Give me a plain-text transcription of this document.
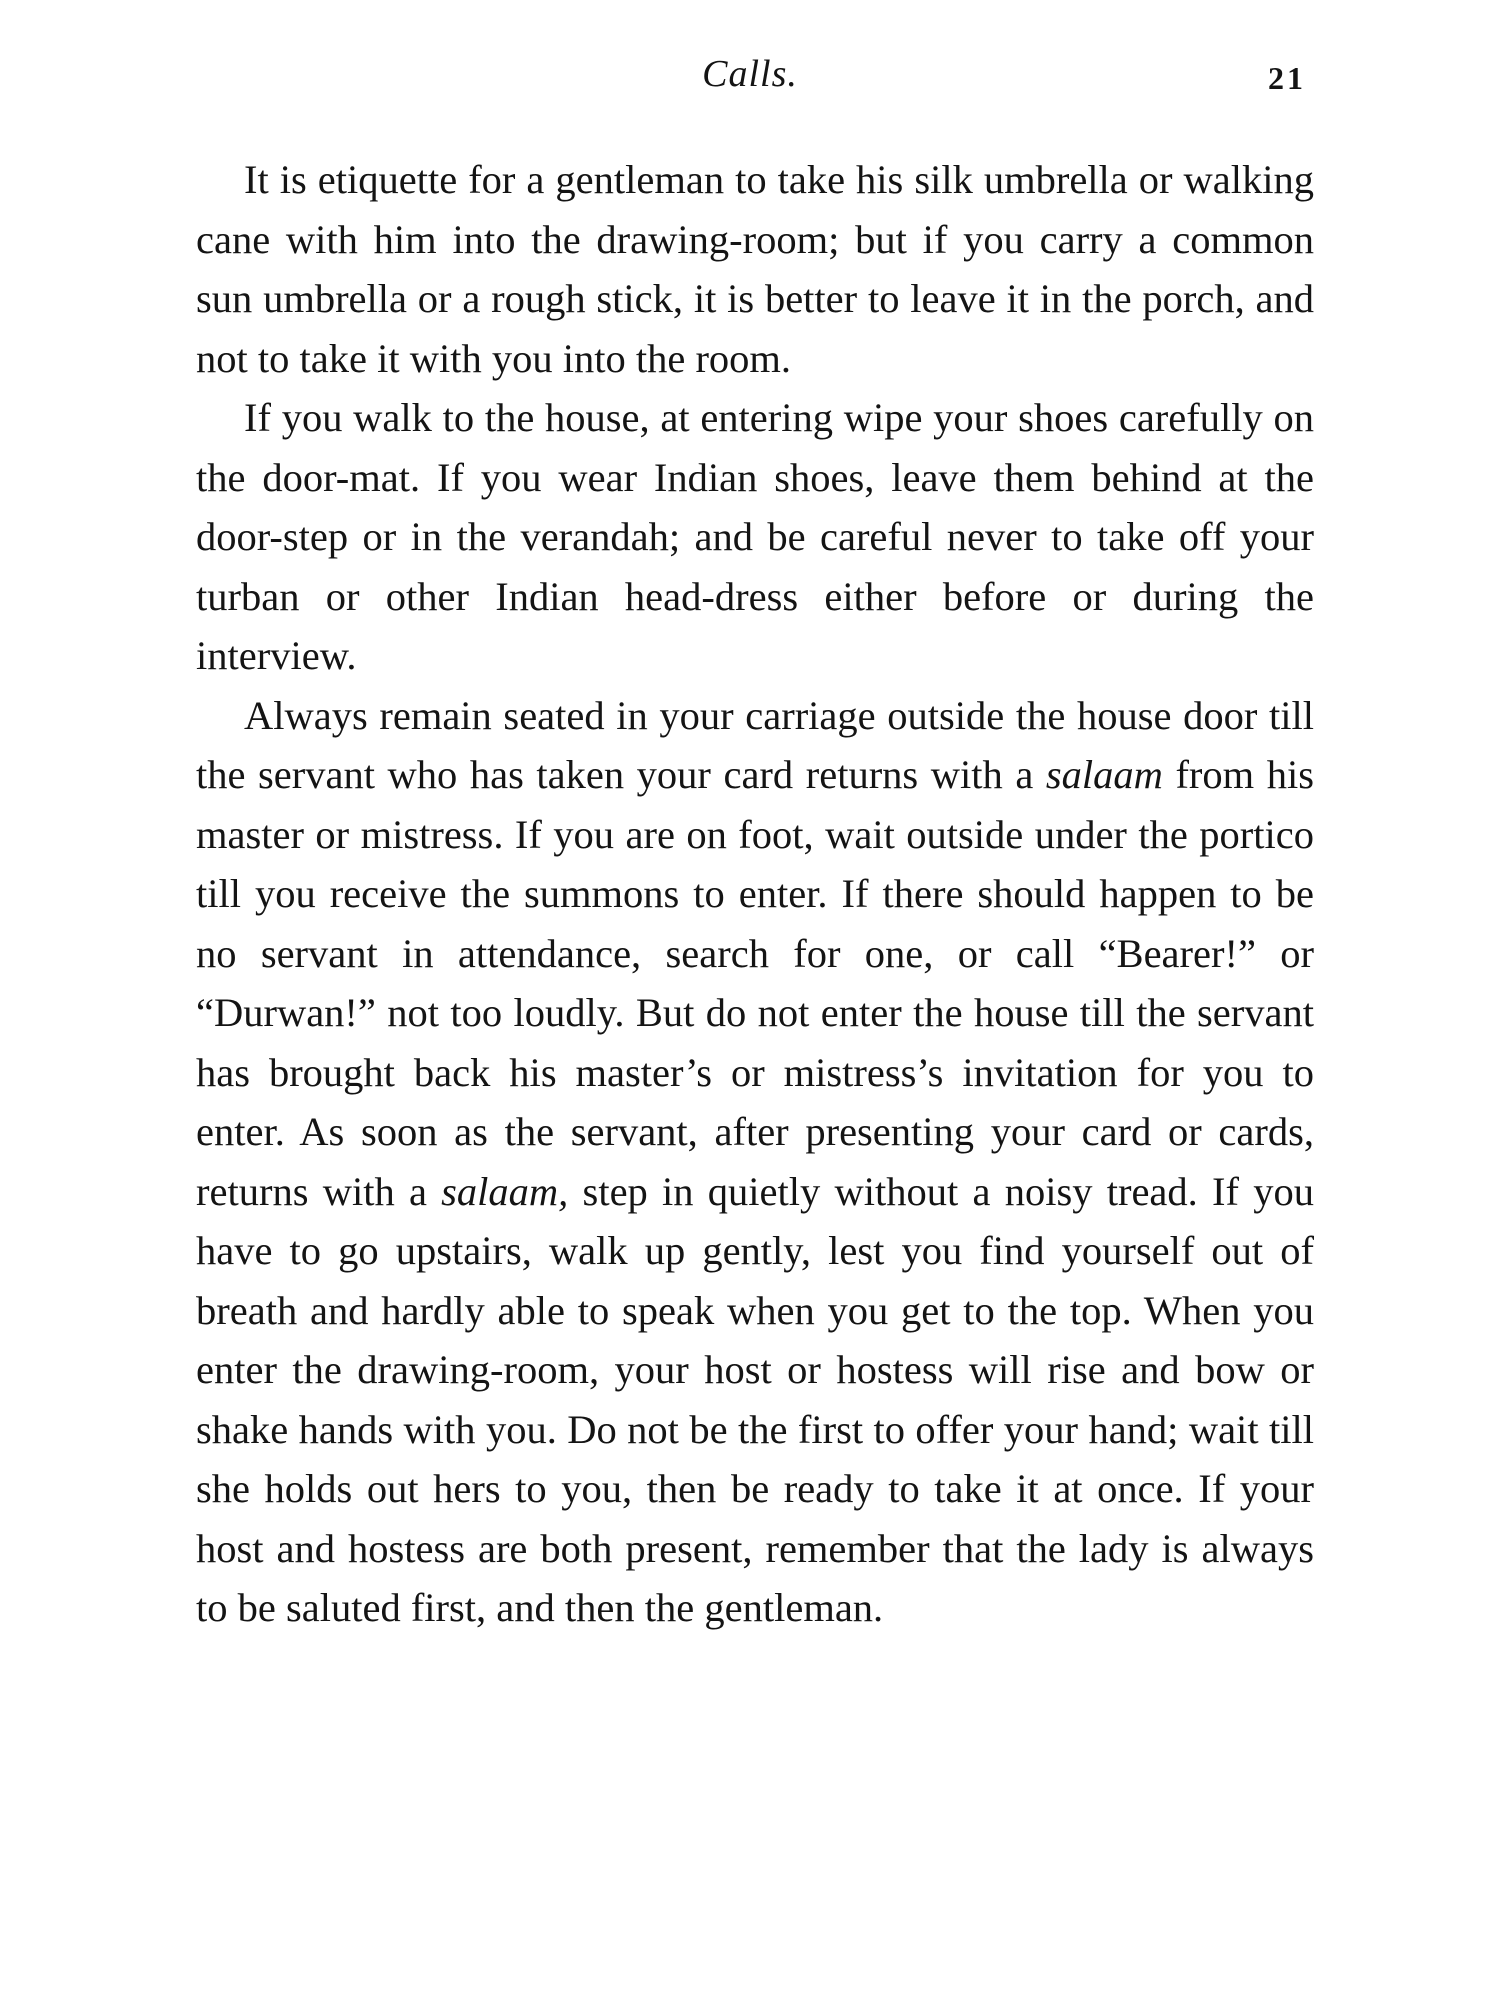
Calls.	21

It is etiquette for a gentleman to take his silk umbrella or walking cane with him into the drawing-room; but if you carry a common sun umbrella or a rough stick, it is better to leave it in the porch, and not to take it with you into the room.

If you walk to the house, at entering wipe your shoes carefully on the door-mat. If you wear Indian shoes, leave them behind at the door-step or in the verandah; and be careful never to take off your turban or other Indian head-dress either before or during the interview.

Always remain seated in your carriage outside the house door till the servant who has taken your card returns with a salaam from his master or mistress. If you are on foot, wait outside under the portico till you receive the summons to enter. If there should happen to be no servant in attendance, search for one, or call “Bearer!” or “Durwan!” not too loudly. But do not enter the house till the servant has brought back his master’s or mistress’s invitation for you to enter. As soon as the servant, after presenting your card or cards, returns with a salaam, step in quietly without a noisy tread. If you have to go upstairs, walk up gently, lest you find yourself out of breath and hardly able to speak when you get to the top. When you enter the drawing-room, your host or hostess will rise and bow or shake hands with you. Do not be the first to offer your hand; wait till she holds out hers to you, then be ready to take it at once. If your host and hostess are both present, remember that the lady is always to be saluted first, and then the gentleman.
